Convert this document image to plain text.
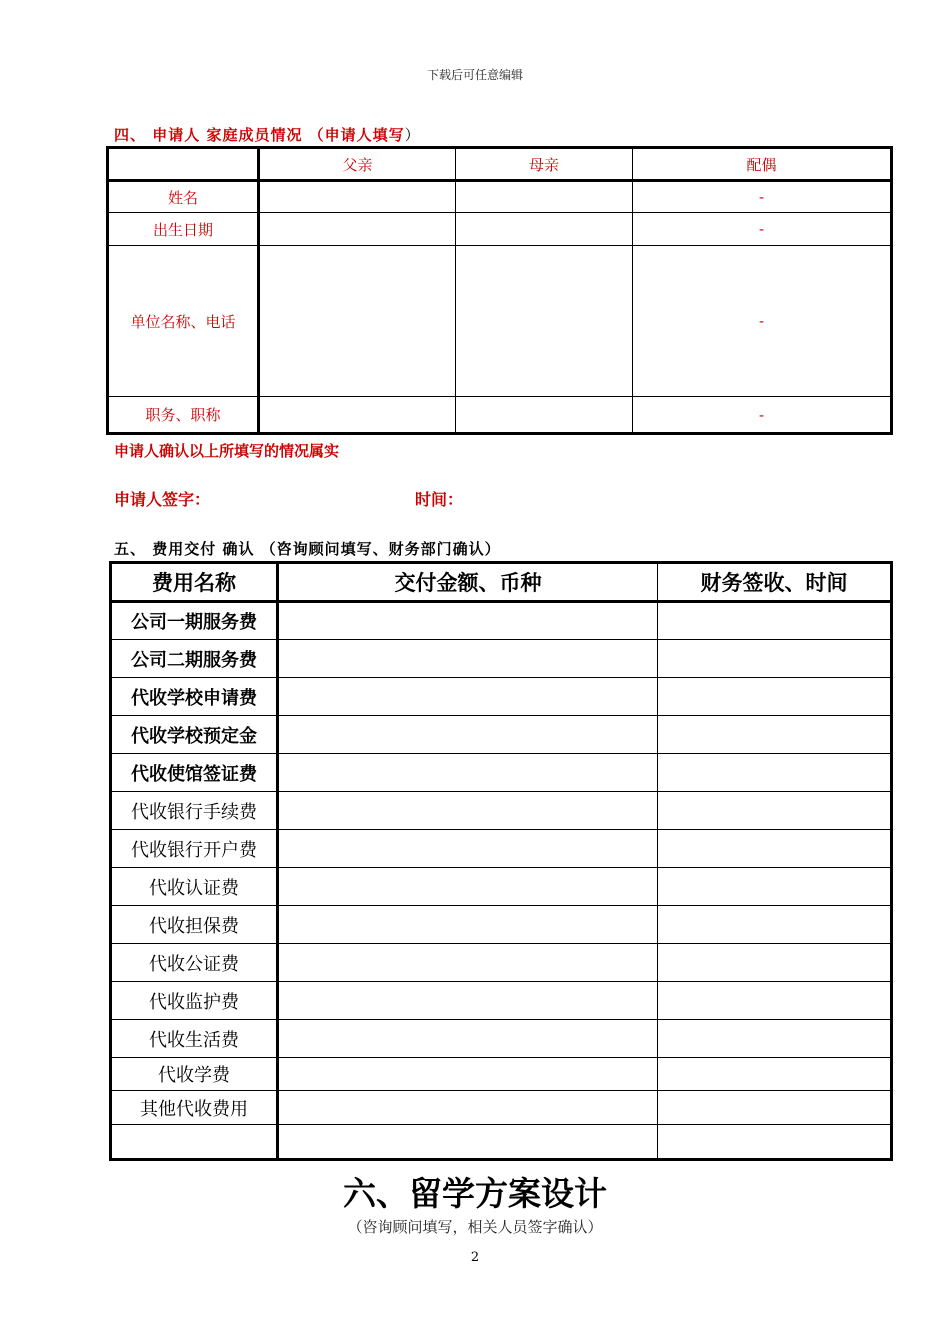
下载后可任意编辑
四、 申请人 家庭成员情况 （申请人填写）
	父亲	母亲	配偶
姓名			-
出生日期			-
单位名称、电话			-
职务、职称			-
申请人确认以上所填写的情况属实
申请人签字：	时间：
五、 费用交付 确认 （咨询顾问填写、财务部门确认）
费用名称	交付金额、币种	财务签收、时间
公司一期服务费		
公司二期服务费		
代收学校申请费		
代收学校预定金		
代收使馆签证费		
代收银行手续费		
代收银行开户费		
代收认证费		
代收担保费		
代收公证费		
代收监护费		
代收生活费		
代收学费		
其他代收费用		

六、留学方案设计
（咨询顾问填写，相关人员签字确认）
2
